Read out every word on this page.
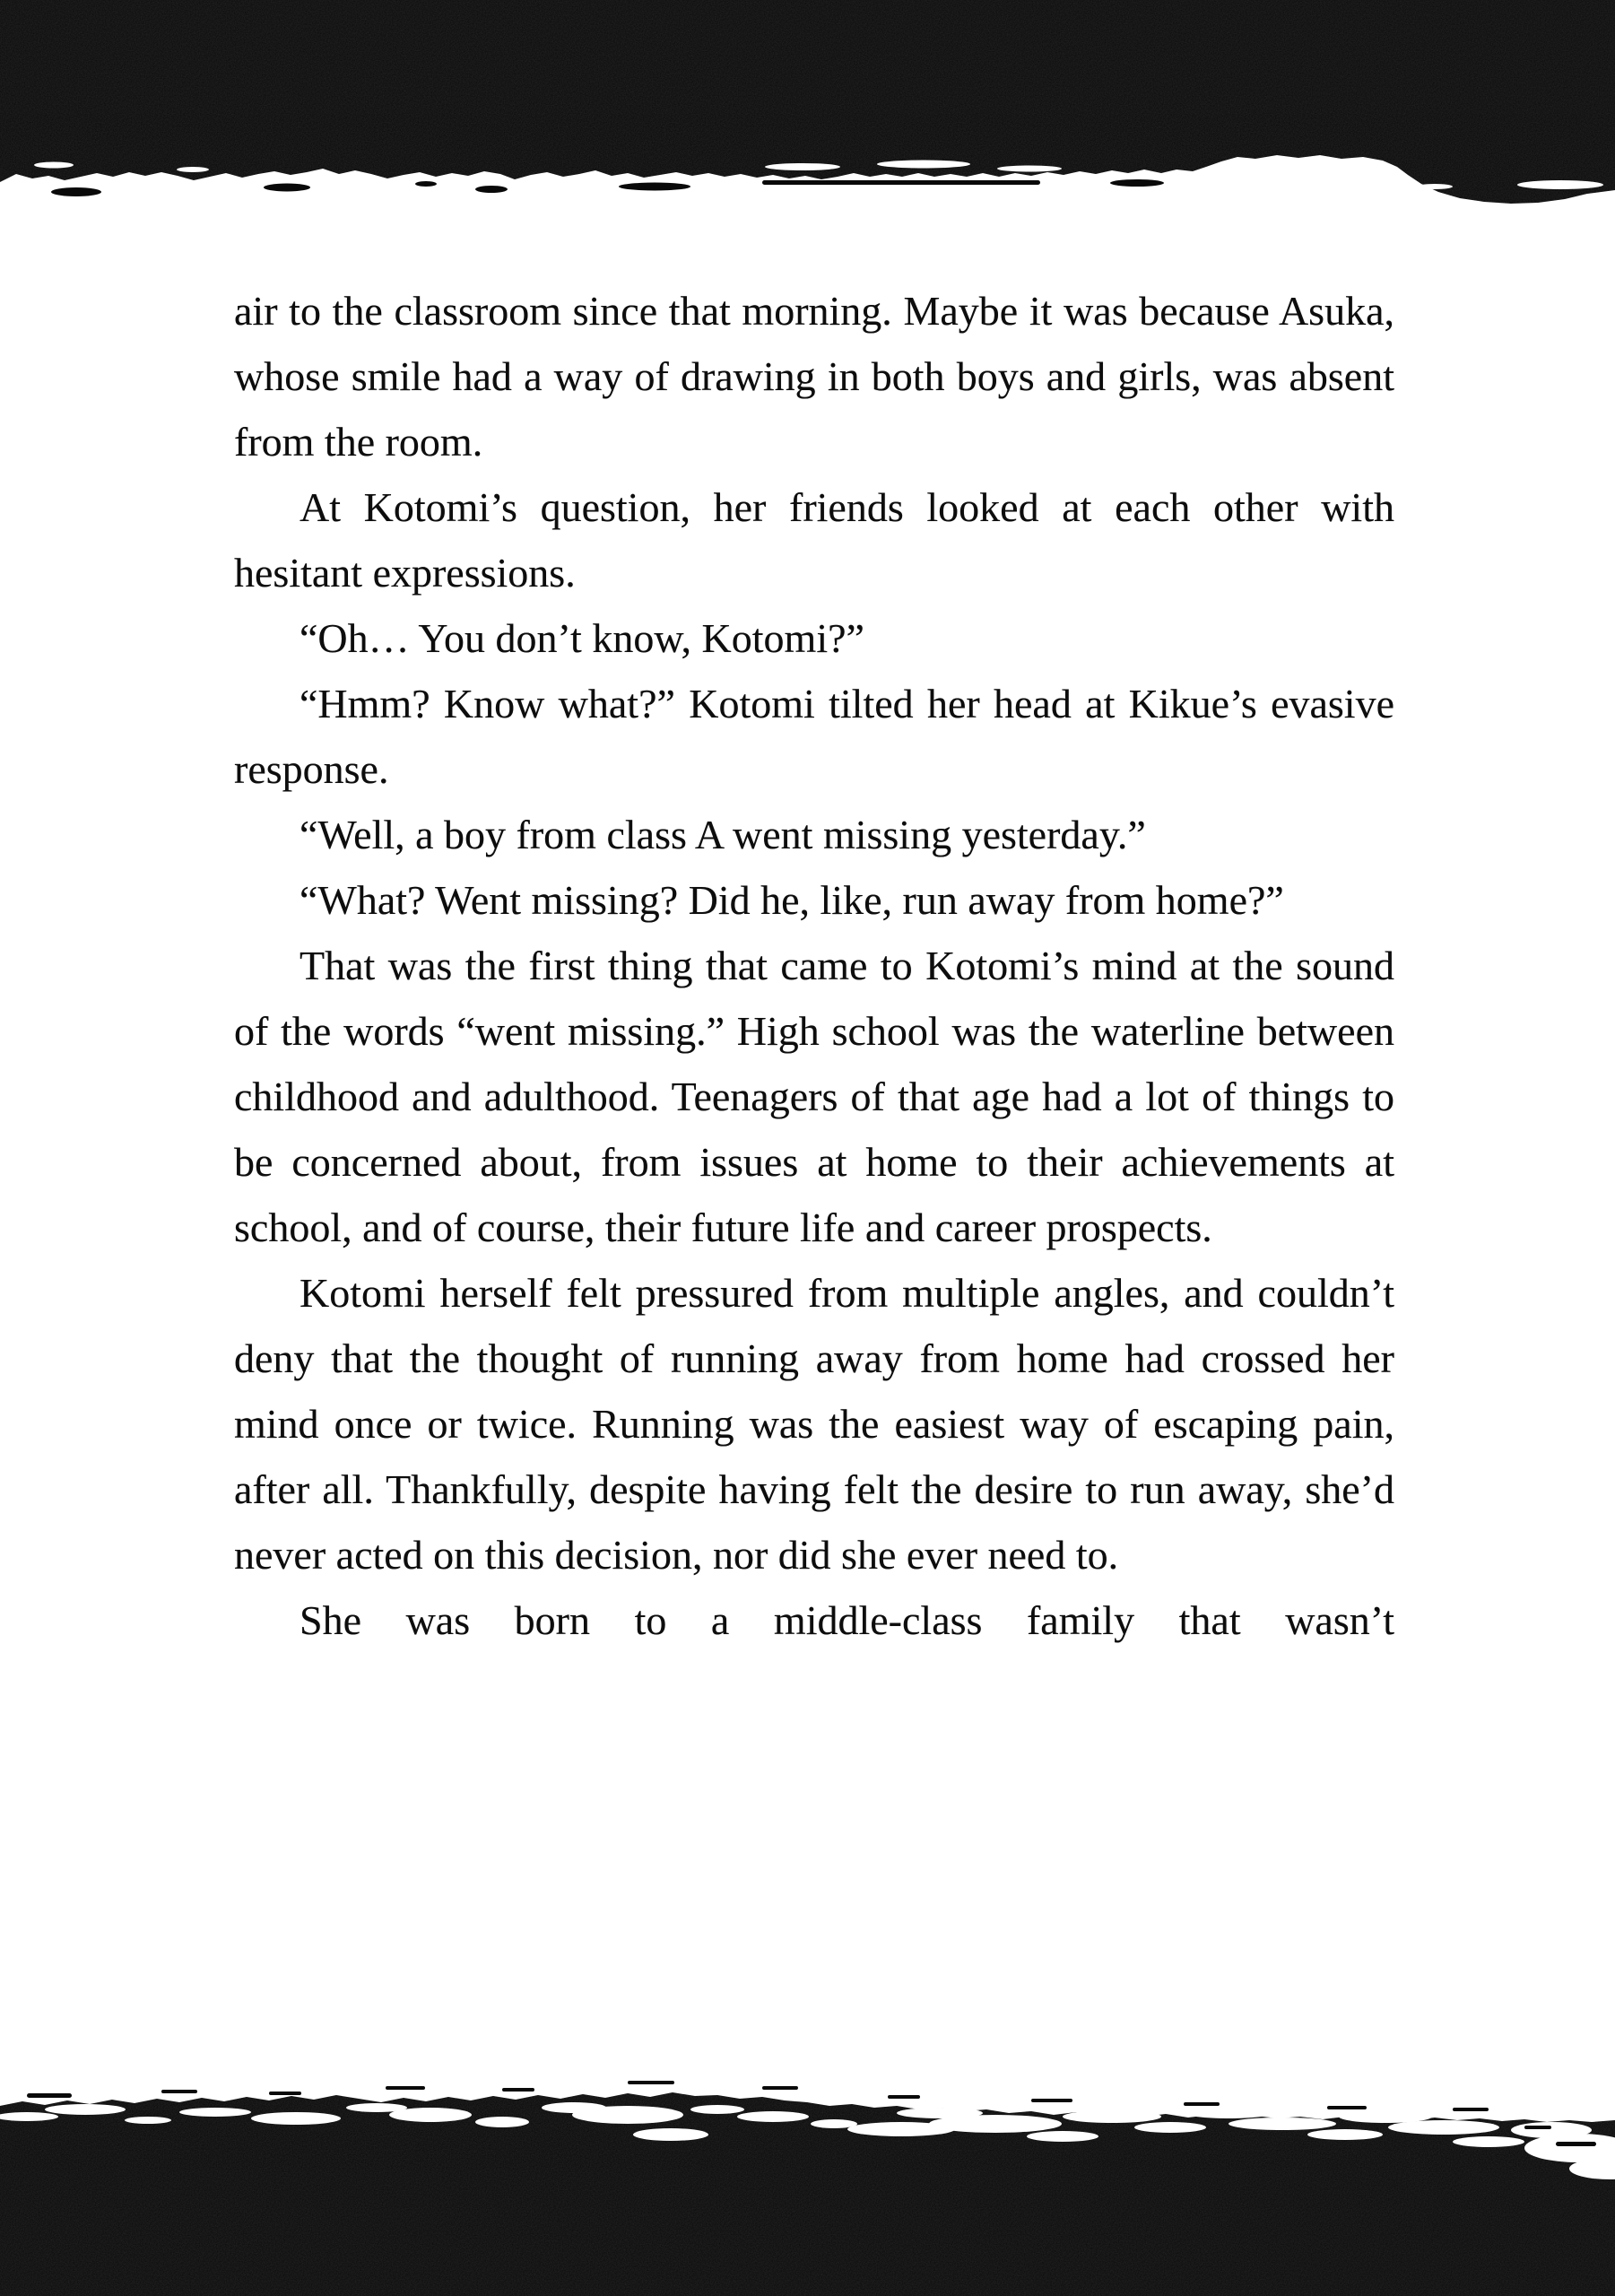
air to the classroom since that morning. Maybe it was because Asuka, whose smile had a way of drawing in both boys and girls, was absent from the room.

At Kotomi’s question, her friends looked at each other with hesitant expressions.

“Oh… You don’t know, Kotomi?”

“Hmm? Know what?” Kotomi tilted her head at Kikue’s evasive response.

“Well, a boy from class A went missing yesterday.”

“What? Went missing? Did he, like, run away from home?”

That was the first thing that came to Kotomi’s mind at the sound of the words “went missing.” High school was the waterline between childhood and adulthood. Teenagers of that age had a lot of things to be concerned about, from issues at home to their achievements at school, and of course, their future life and career prospects.

Kotomi herself felt pressured from multiple angles, and couldn’t deny that the thought of running away from home had crossed her mind once or twice. Running was the easiest way of escaping pain, after all. Thankfully, despite having felt the desire to run away, she’d never acted on this decision, nor did she ever need to.

She was born to a middle-class family that wasn’t
